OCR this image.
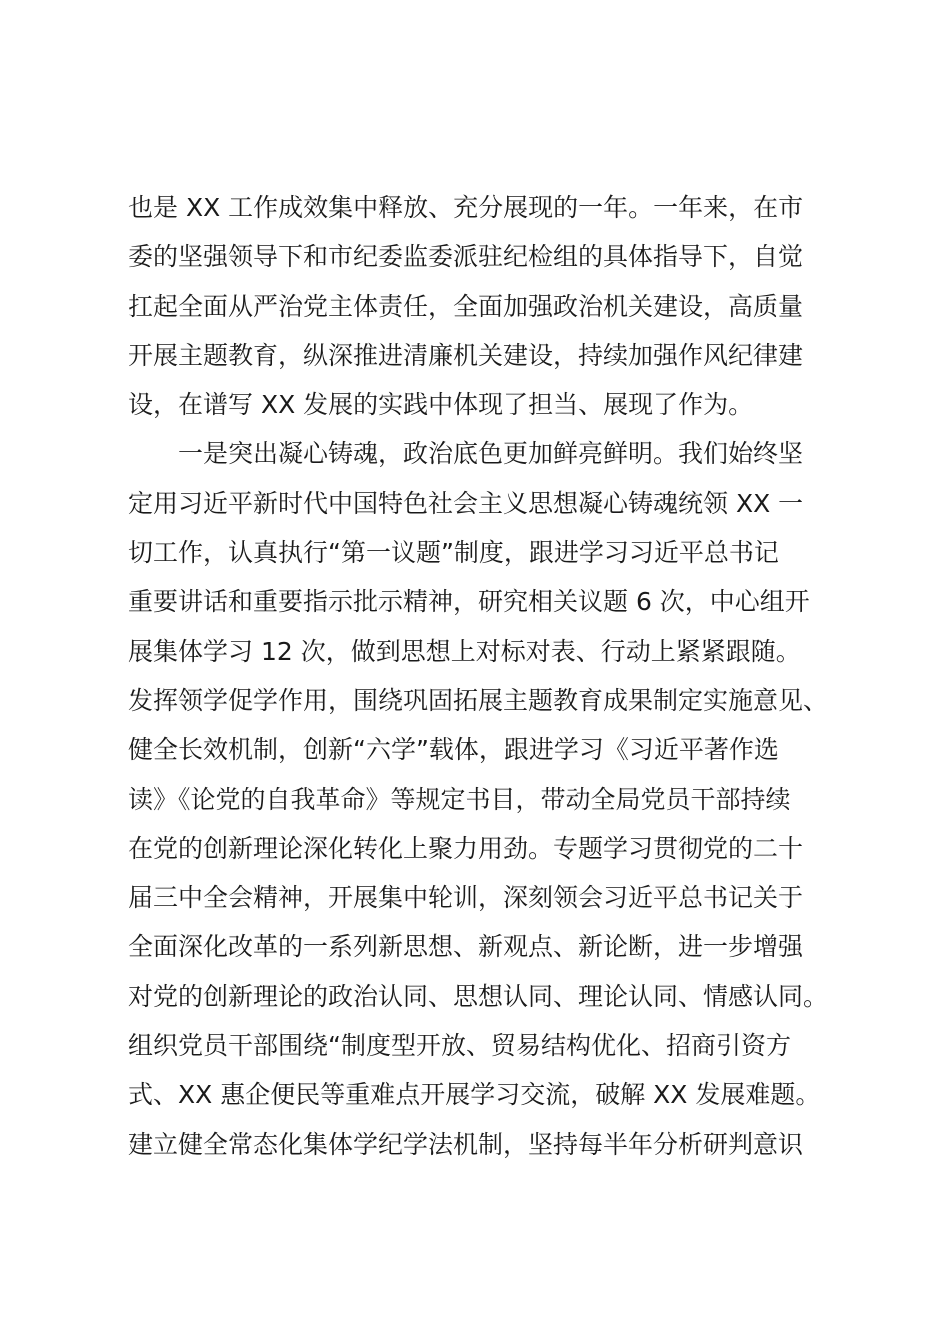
也是 XX 工作成效集中释放、充分展现的一年。一年来，在市
委的坚强领导下和市纪委监委派驻纪检组的具体指导下，自觉
扛起全面从严治党主体责任，全面加强政治机关建设，高质量
开展主题教育，纵深推进清廉机关建设，持续加强作风纪律建
设，在谱写 XX 发展的实践中体现了担当、展现了作为。
一是突出凝心铸魂，政治底色更加鲜亮鲜明。我们始终坚
定用习近平新时代中国特色社会主义思想凝心铸魂统领 XX 一
切工作，认真执行“第一议题”制度，跟进学习习近平总书记
重要讲话和重要指示批示精神，研究相关议题 6 次，中心组开
展集体学习 12 次，做到思想上对标对表、行动上紧紧跟随。
发挥领学促学作用，围绕巩固拓展主题教育成果制定实施意见、
健全长效机制，创新“六学”载体，跟进学习《习近平著作选
读》《论党的自我革命》等规定书目，带动全局党员干部持续
在党的创新理论深化转化上聚力用劲。专题学习贯彻党的二十
届三中全会精神，开展集中轮训，深刻领会习近平总书记关于
全面深化改革的一系列新思想、新观点、新论断，进一步增强
对党的创新理论的政治认同、思想认同、理论认同、情感认同。
组织党员干部围绕“制度型开放、贸易结构优化、招商引资方
式、XX 惠企便民等重难点开展学习交流，破解 XX 发展难题。
建立健全常态化集体学纪学法机制，坚持每半年分析研判意识
